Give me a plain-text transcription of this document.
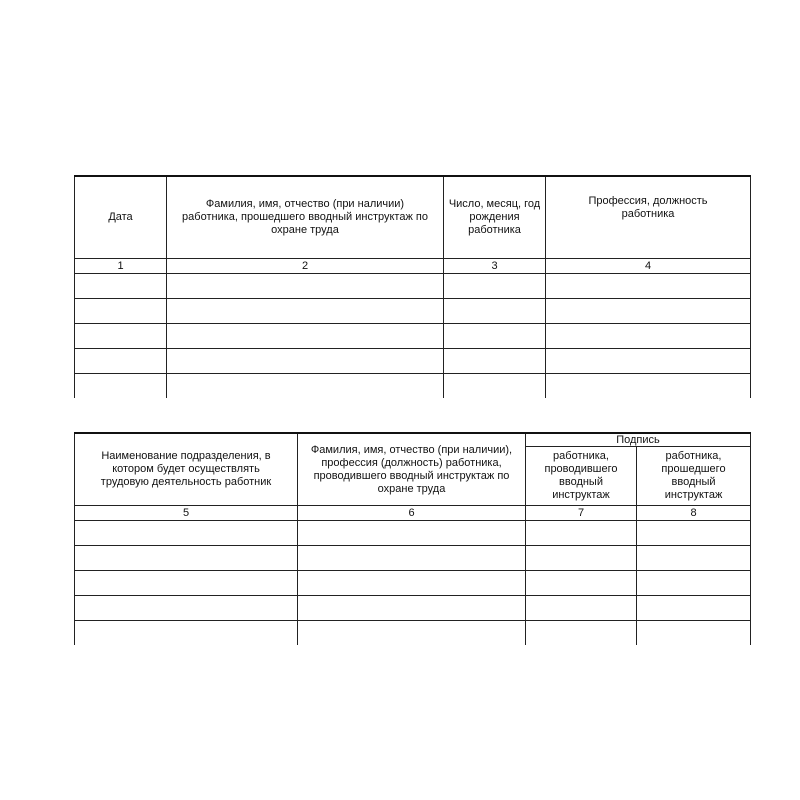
Дата	Фамилия, имя, отчество (при наличии) работника, прошедшего вводный инструктаж по охране труда	Число, месяц, год рождения работника	Профессия, должность работника
1	2	3	4

Наименование подразделения, в котором будет осуществлять трудовую деятельность работник	Фамилия, имя, отчество (при наличии), профессия (должность) работника, проводившего вводный инструктаж по охране труда	Подпись	
		работника, проводившего вводный инструктаж	работника, прошедшего вводный инструктаж
5	6	7	8
